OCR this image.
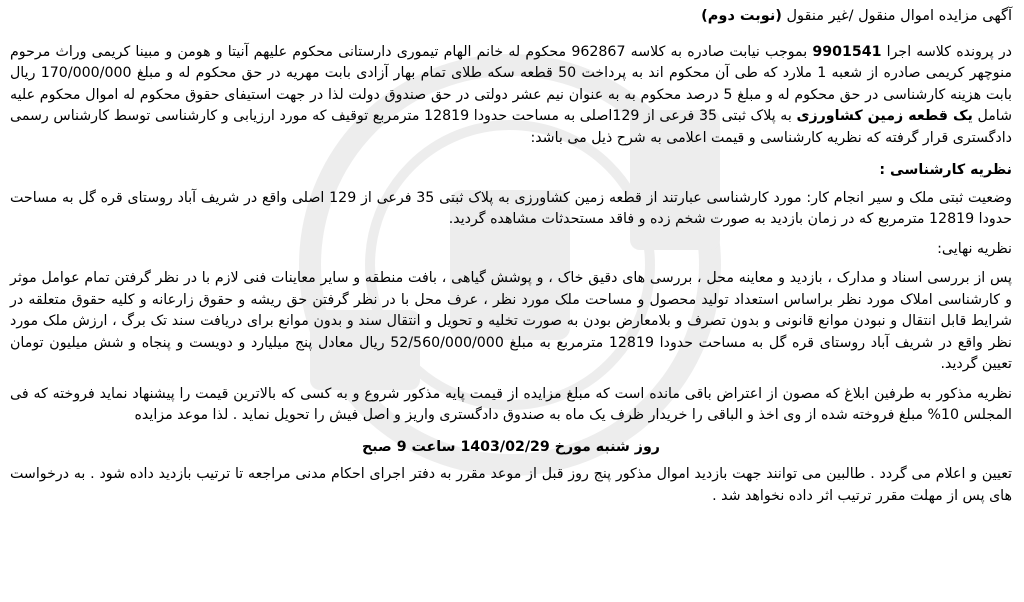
آگهی مزایده اموال منقول /غیر منقول (نوبت دوم)

در پرونده کلاسه اجرا 9901541 بموجب نیابت صادره به کلاسه 962867 محکوم له خانم الهام تیموری دارستانی محکوم علیهم آنیتا و هومن و مبینا کریمی وراث مرحوم منوچهر کریمی صادره از شعبه 1 ملارد که طی آن محکوم اند به پرداخت 50 قطعه سکه طلای تمام بهار آزادی بابت مهریه در حق محکوم له و مبلغ 170/000/000 ریال بابت هزینه کارشناسی در حق محکوم له و مبلغ 5 درصد محکوم به به عنوان نیم عشر دولتی در حق صندوق دولت لذا در جهت استیفای حقوق محکوم له اموال محکوم علیه شامل یک قطعه زمین کشاورزی به پلاک ثبتی 35 فرعی از 129اصلی به مساحت حدودا 12819 مترمربع توقیف که مورد ارزیابی و کارشناسی توسط کارشناس رسمی دادگستری قرار گرفته که نظریه کارشناسی و قیمت اعلامی به شرح ذیل می باشد:

نظریه کارشناسی :

وضعیت ثبتی ملک و سیر انجام کار: مورد کارشناسی عبارتند از قطعه زمین کشاورزی به پلاک ثبتی 35 فرعی از 129 اصلی واقع در شریف آباد روستای قره گل به مساحت حدودا 12819 مترمربع که در زمان بازدید به صورت شخم زده و فاقد مستحدثات مشاهده گردید.

نظریه نهایی:

پس از بررسی اسناد و مدارک ، بازدید و معاینه محل ، بررسی های دقیق خاک ، و پوشش گیاهی ، بافت منطقه و سایر معاینات فنی لازم با در نظر گرفتن تمام عوامل موثر و کارشناسی املاک مورد نظر براساس استعداد تولید محصول و مساحت ملک مورد نظر ، عرف محل با در نظر گرفتن حق ریشه و حقوق زارعانه و کلیه حقوق متعلقه در شرایط قابل انتقال و نبودن موانع قانونی و بدون تصرف و بلامعارض بودن به صورت تخلیه و تحویل و انتقال سند و بدون موانع برای دریافت سند تک برگ ، ارزش ملک مورد نظر واقع در شریف آباد روستای قره گل به مساحت حدودا 12819 مترمربع به مبلغ 52/560/000/000 ریال معادل پنج میلیارد و دویست و پنجاه و شش میلیون تومان تعیین گردید.

نظریه مذکور به طرفین ابلاغ که مصون از اعتراض باقی مانده است که مبلغ مزایده از قیمت پایه مذکور شروع و به کسی که بالاترین قیمت را پیشنهاد نماید فروخته که فی المجلس 10% مبلغ فروخته شده از وی اخذ و الباقی را خریدار ظرف یک ماه به صندوق دادگستری واریز و اصل فیش را تحویل نماید . لذا موعد مزایده

روز شنبه مورخ 1403/02/29 ساعت 9 صبح

تعیین و اعلام می گردد . طالبین می توانند جهت بازدید اموال مذکور پنج روز قبل از موعد مقرر به دفتر اجرای احکام مدنی مراجعه تا ترتیب بازدید داده شود . به درخواست های پس از مهلت مقرر ترتیب اثر داده نخواهد شد .
